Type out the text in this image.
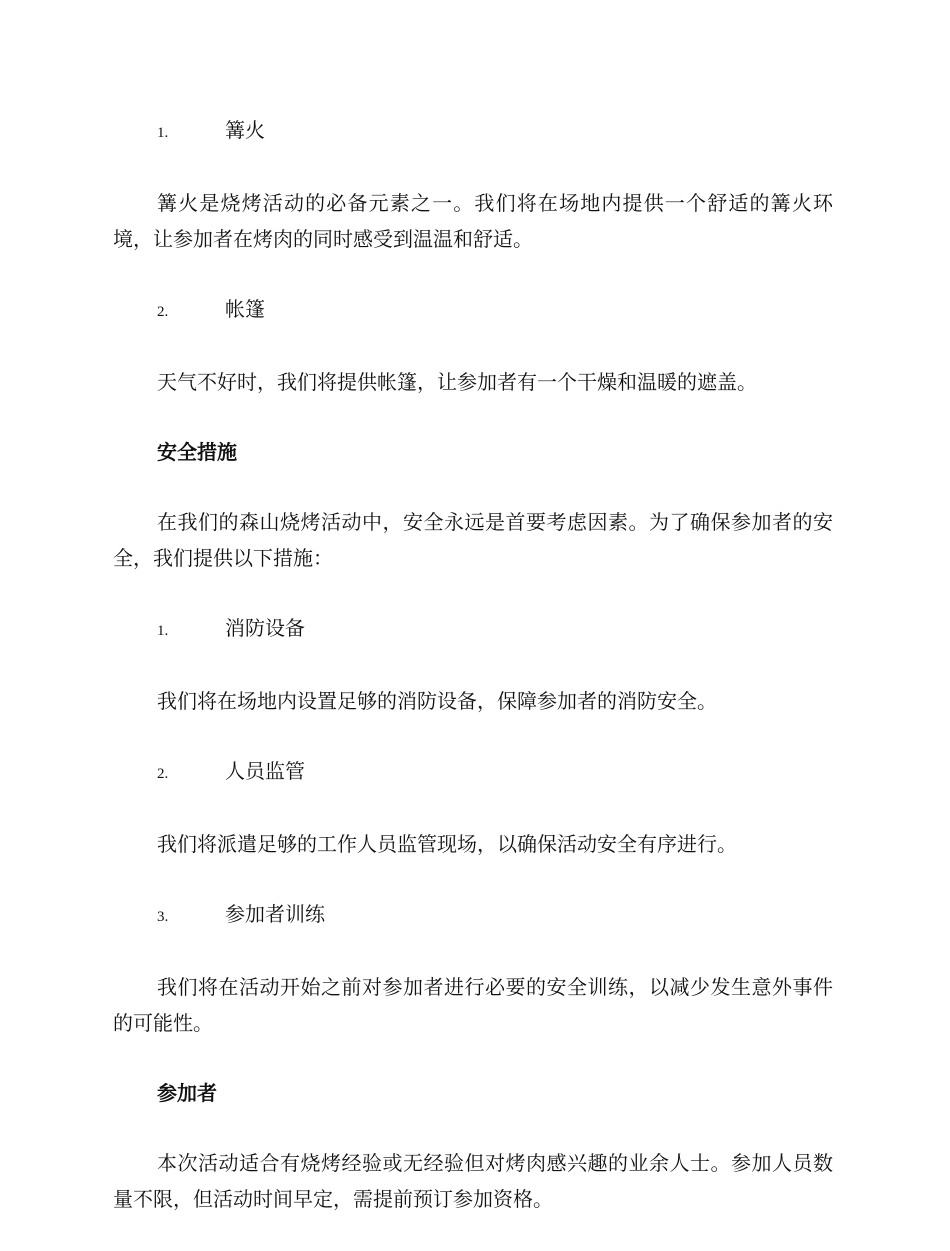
1.	篝火

篝火是烧烤活动的必备元素之一。我们将在场地内提供一个舒适的篝火环境，让参加者在烤肉的同时感受到温温和舒适。

2.	帐篷

天气不好时，我们将提供帐篷，让参加者有一个干燥和温暖的遮盖。

安全措施

在我们的森山烧烤活动中，安全永远是首要考虑因素。为了确保参加者的安全，我们提供以下措施：

1.	消防设备

我们将在场地内设置足够的消防设备，保障参加者的消防安全。

2.	人员监管

我们将派遣足够的工作人员监管现场，以确保活动安全有序进行。

3.	参加者训练

我们将在活动开始之前对参加者进行必要的安全训练，以减少发生意外事件的可能性。

参加者

本次活动适合有烧烤经验或无经验但对烤肉感兴趣的业余人士。参加人员数量不限，但活动时间早定，需提前预订参加资格。
